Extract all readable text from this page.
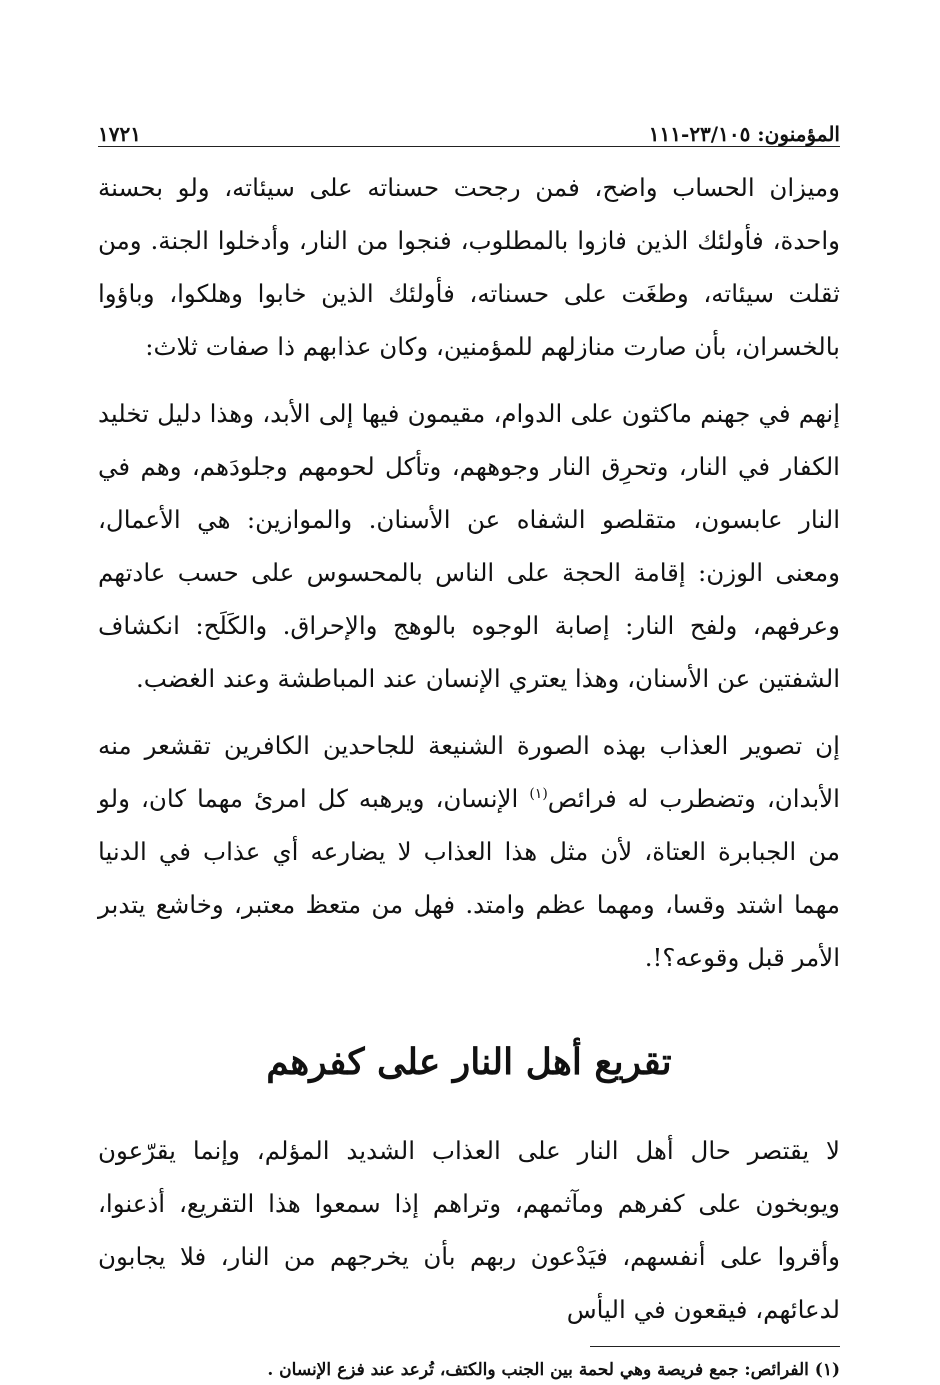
المؤمنون: ٢٣/١٠٥-١١١
١٧٢١

وميزان الحساب واضح، فمن رجحت حسناته على سيئاته، ولو بحسنة واحدة، فأولئك الذين فازوا بالمطلوب، فنجوا من النار، وأدخلوا الجنة. ومن ثقلت سيئاته، وطغَت على حسناته، فأولئك الذين خابوا وهلكوا، وباؤوا بالخسران، بأن صارت منازلهم للمؤمنين، وكان عذابهم ذا صفات ثلاث:

إنهم في جهنم ماكثون على الدوام، مقيمون فيها إلى الأبد، وهذا دليل تخليد الكفار في النار، وتحرِق النار وجوههم، وتأكل لحومهم وجلودَهم، وهم في النار عابسون، متقلصو الشفاه عن الأسنان. والموازين: هي الأعمال، ومعنى الوزن: إقامة الحجة على الناس بالمحسوس على حسب عادتهم وعرفهم، ولفح النار: إصابة الوجوه بالوهج والإحراق. والكَلَح: انكشاف الشفتين عن الأسنان، وهذا يعتري الإنسان عند المباطشة وعند الغضب.

إن تصوير العذاب بهذه الصورة الشنيعة للجاحدين الكافرين تقشعر منه الأبدان، وتضطرب له فرائص$^{(١)}$ الإنسان، ويرهبه كل امرئ مهما كان، ولو من الجبابرة العتاة، لأن مثل هذا العذاب لا يضارعه أي عذاب في الدنيا مهما اشتد وقسا، ومهما عظم وامتد. فهل من متعظ معتبر، وخاشع يتدبر الأمر قبل وقوعه؟!.

تقريع أهل النار على كفرهم

لا يقتصر حال أهل النار على العذاب الشديد المؤلم، وإنما يقرّعون ويوبخون على كفرهم ومآثمهم، وتراهم إذا سمعوا هذا التقريع، أذعنوا، وأقروا على أنفسهم، فيَدْعون ربهم بأن يخرجهم من النار، فلا يجابون لدعائهم، فيقعون في اليأس

(١) الفرائص: جمع فريصة وهي لحمة بين الجنب والكتف، تُرعد عند فزع الإنسان .
